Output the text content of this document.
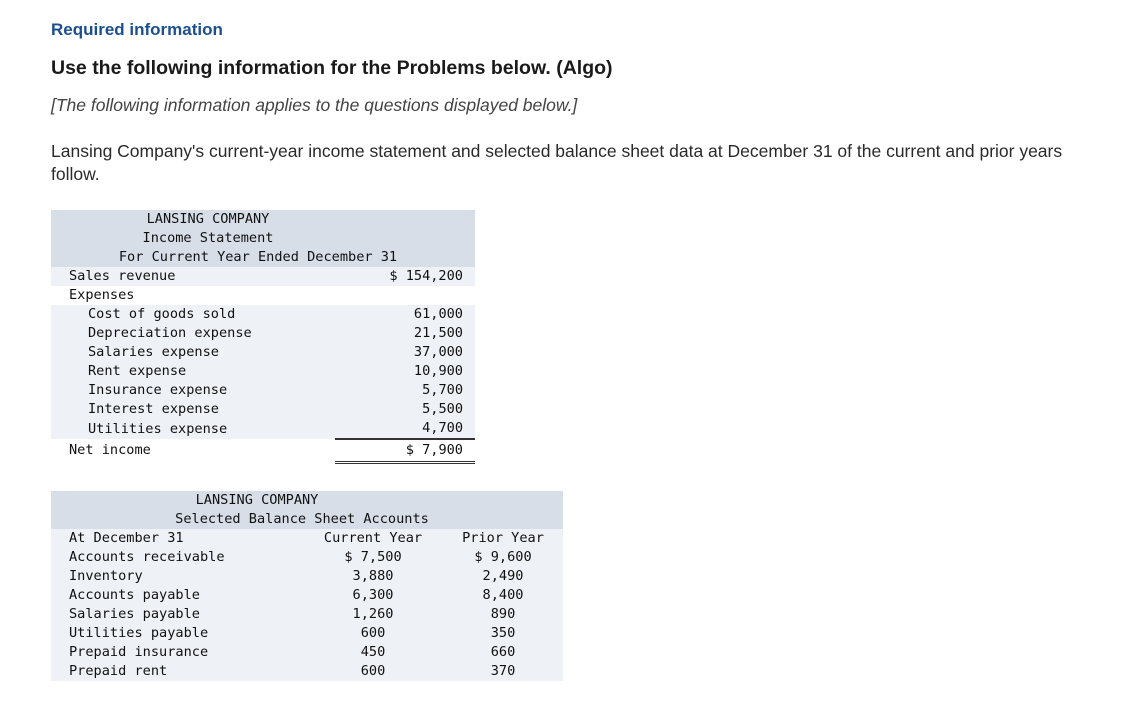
Required information
Use the following information for the Problems below. (Algo)
[The following information applies to the questions displayed below.]
Lansing Company's current-year income statement and selected balance sheet data at December 31 of the current and prior years follow.
LANSING COMPANY	
Income Statement	
For Current Year Ended December 31	
Sales revenue	$ 154,200
Expenses	
Cost of goods sold	61,000
Depreciation expense	21,500
Salaries expense	37,000
Rent expense	10,900
Insurance expense	5,700
Interest expense	5,500
Utilities expense	4,700
Net income	$ 7,900
LANSING COMPANY		
Selected Balance Sheet Accounts		
At December 31	Current Year	Prior Year
Accounts receivable	$ 7,500	$ 9,600
Inventory	3,880	2,490
Accounts payable	6,300	8,400
Salaries payable	1,260	890
Utilities payable	600	350
Prepaid insurance	450	660
Prepaid rent	600	370
